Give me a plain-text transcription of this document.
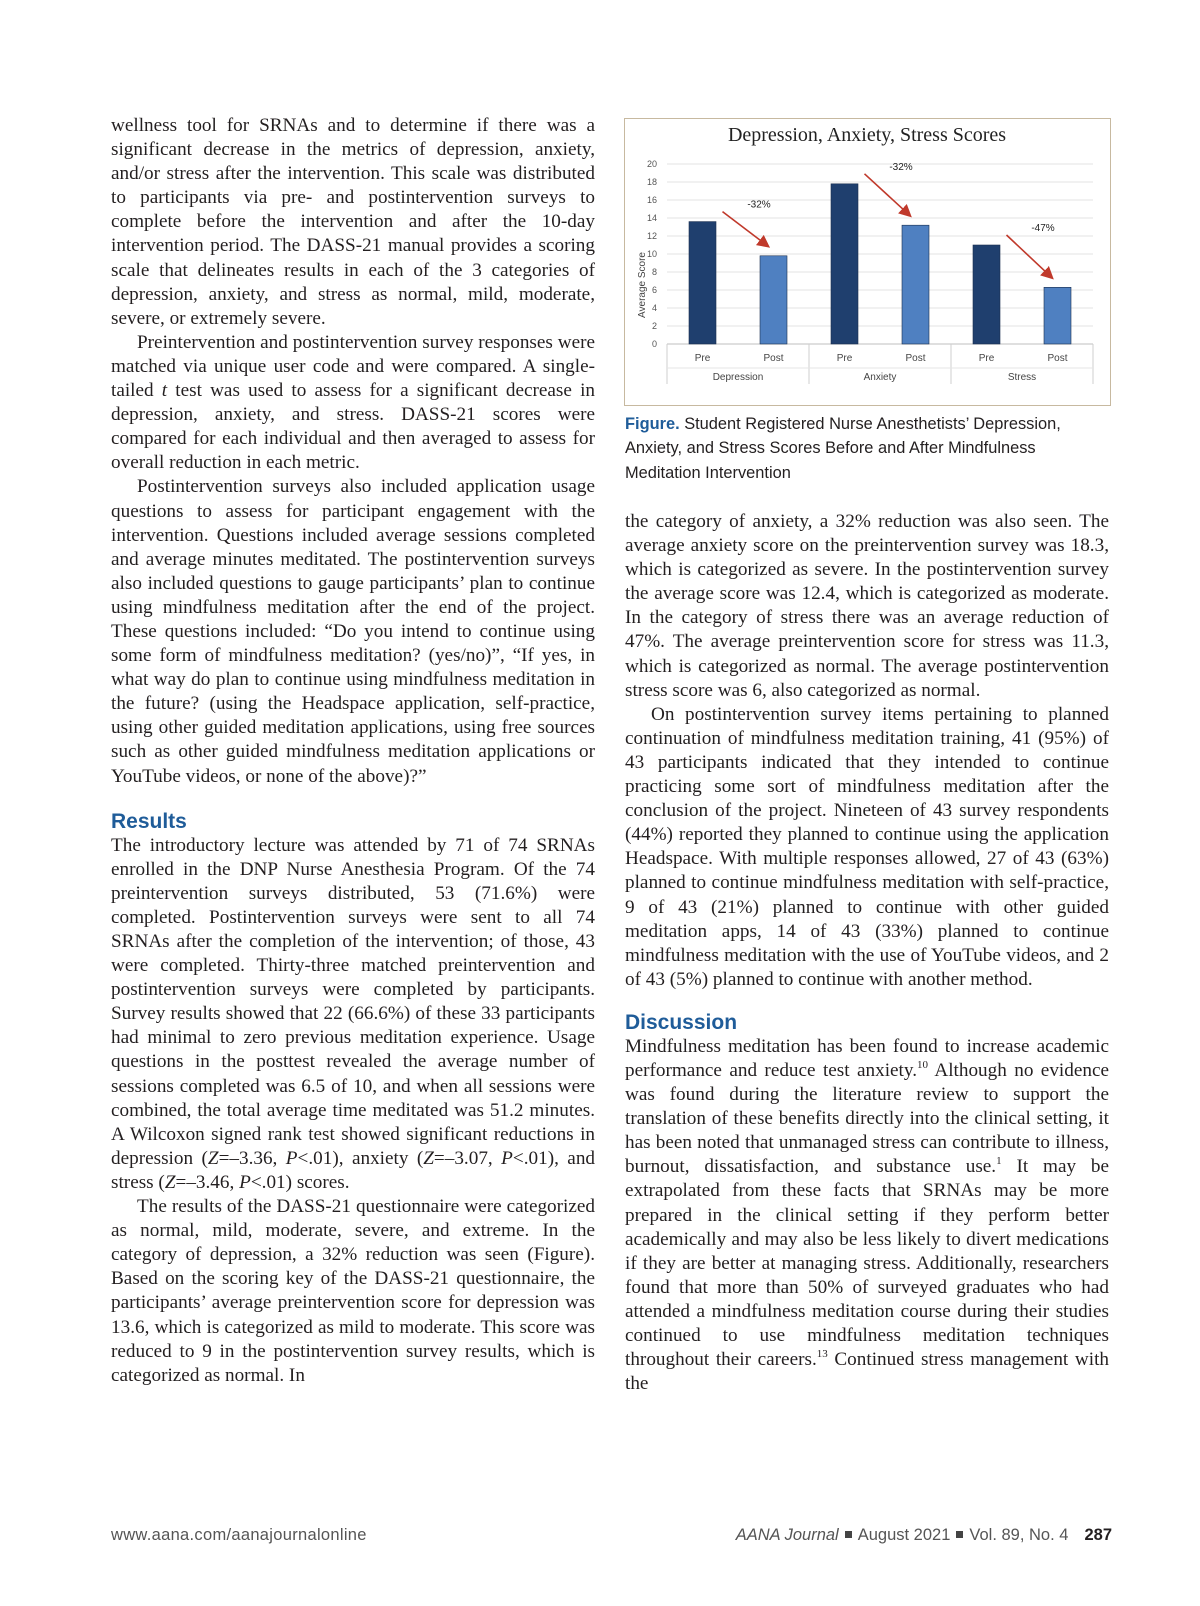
wellness tool for SRNAs and to determine if there was a significant decrease in the metrics of depression, anxiety, and/or stress after the intervention. This scale was distributed to participants via pre- and postintervention surveys to complete before the intervention and after the 10-day intervention period. The DASS-21 manual provides a scoring scale that delineates results in each of the 3 categories of depression, anxiety, and stress as normal, mild, moderate, severe, or extremely severe.

Preintervention and postintervention survey responses were matched via unique user code and were compared. A single-tailed t test was used to assess for a significant decrease in depression, anxiety, and stress. DASS-21 scores were compared for each individual and then averaged to assess for overall reduction in each metric.

Postintervention surveys also included application usage questions to assess for participant engagement with the intervention. Questions included average sessions completed and average minutes meditated. The postintervention surveys also included questions to gauge participants’ plan to continue using mindfulness meditation after the end of the project. These questions included: “Do you intend to continue using some form of mindfulness meditation? (yes/no)”, “If yes, in what way do plan to continue using mindfulness meditation in the future? (using the Headspace application, self-practice, using other guided meditation applications, using free sources such as other guided mindfulness meditation applications or YouTube videos, or none of the above)?”

Results

The introductory lecture was attended by 71 of 74 SRNAs enrolled in the DNP Nurse Anesthesia Program. Of the 74 preintervention surveys distributed, 53 (71.6%) were completed. Postintervention surveys were sent to all 74 SRNAs after the completion of the intervention; of those, 43 were completed. Thirty-three matched preintervention and postintervention surveys were completed by participants. Survey results showed that 22 (66.6%) of these 33 participants had minimal to zero previous meditation experience. Usage questions in the posttest revealed the average number of sessions completed was 6.5 of 10, and when all sessions were combined, the total average time meditated was 51.2 minutes. A Wilcoxon signed rank test showed significant reductions in depression (Z=–3.36, P<.01), anxiety (Z=–3.07, P<.01), and stress (Z=–3.46, P<.01) scores.

The results of the DASS-21 questionnaire were categorized as normal, mild, moderate, severe, and extreme. In the category of depression, a 32% reduction was seen (Figure). Based on the scoring key of the DASS-21 questionnaire, the participants’ average preintervention score for depression was 13.6, which is categorized as mild to moderate. This score was reduced to 9 in the postintervention survey results, which is categorized as normal. In

Depression, Anxiety, Stress Scores
Average Score
0
2
4
6
8
10
12
14
16
18
20
Pre	Post	Pre	Post	Pre	Post
Depression	Anxiety	Stress
-32%
-32%
-47%
Figure. Student Registered Nurse Anesthetists’ Depression, Anxiety, and Stress Scores Before and After Mindfulness Meditation Intervention

the category of anxiety, a 32% reduction was also seen. The average anxiety score on the preintervention survey was 18.3, which is categorized as severe. In the postintervention survey the average score was 12.4, which is categorized as moderate. In the category of stress there was an average reduction of 47%. The average preintervention score for stress was 11.3, which is categorized as normal. The average postintervention stress score was 6, also categorized as normal.

On postintervention survey items pertaining to planned continuation of mindfulness meditation training, 41 (95%) of 43 participants indicated that they intended to continue practicing some sort of mindfulness meditation after the conclusion of the project. Nineteen of 43 survey respondents (44%) reported they planned to continue using the application Headspace. With multiple responses allowed, 27 of 43 (63%) planned to continue mindfulness meditation with self-practice, 9 of 43 (21%) planned to continue with other guided meditation apps, 14 of 43 (33%) planned to continue mindfulness meditation with the use of YouTube videos, and 2 of 43 (5%) planned to continue with another method.

Discussion

Mindfulness meditation has been found to increase academic performance and reduce test anxiety.$^{10}$ Although no evidence was found during the literature review to support the translation of these benefits directly into the clinical setting, it has been noted that unmanaged stress can contribute to illness, burnout, dissatisfaction, and substance use.$^1$ It may be extrapolated from these facts that SRNAs may be more prepared in the clinical setting if they perform better academically and may also be less likely to divert medications if they are better at managing stress. Additionally, researchers found that more than 50% of surveyed graduates who had attended a mindfulness meditation course during their studies continued to use mindfulness meditation techniques throughout their careers.$^{13}$ Continued stress management with the

www.aana.com/aanajournalonline	AANA Journal August 2021 Vol. 89, No. 4 287
